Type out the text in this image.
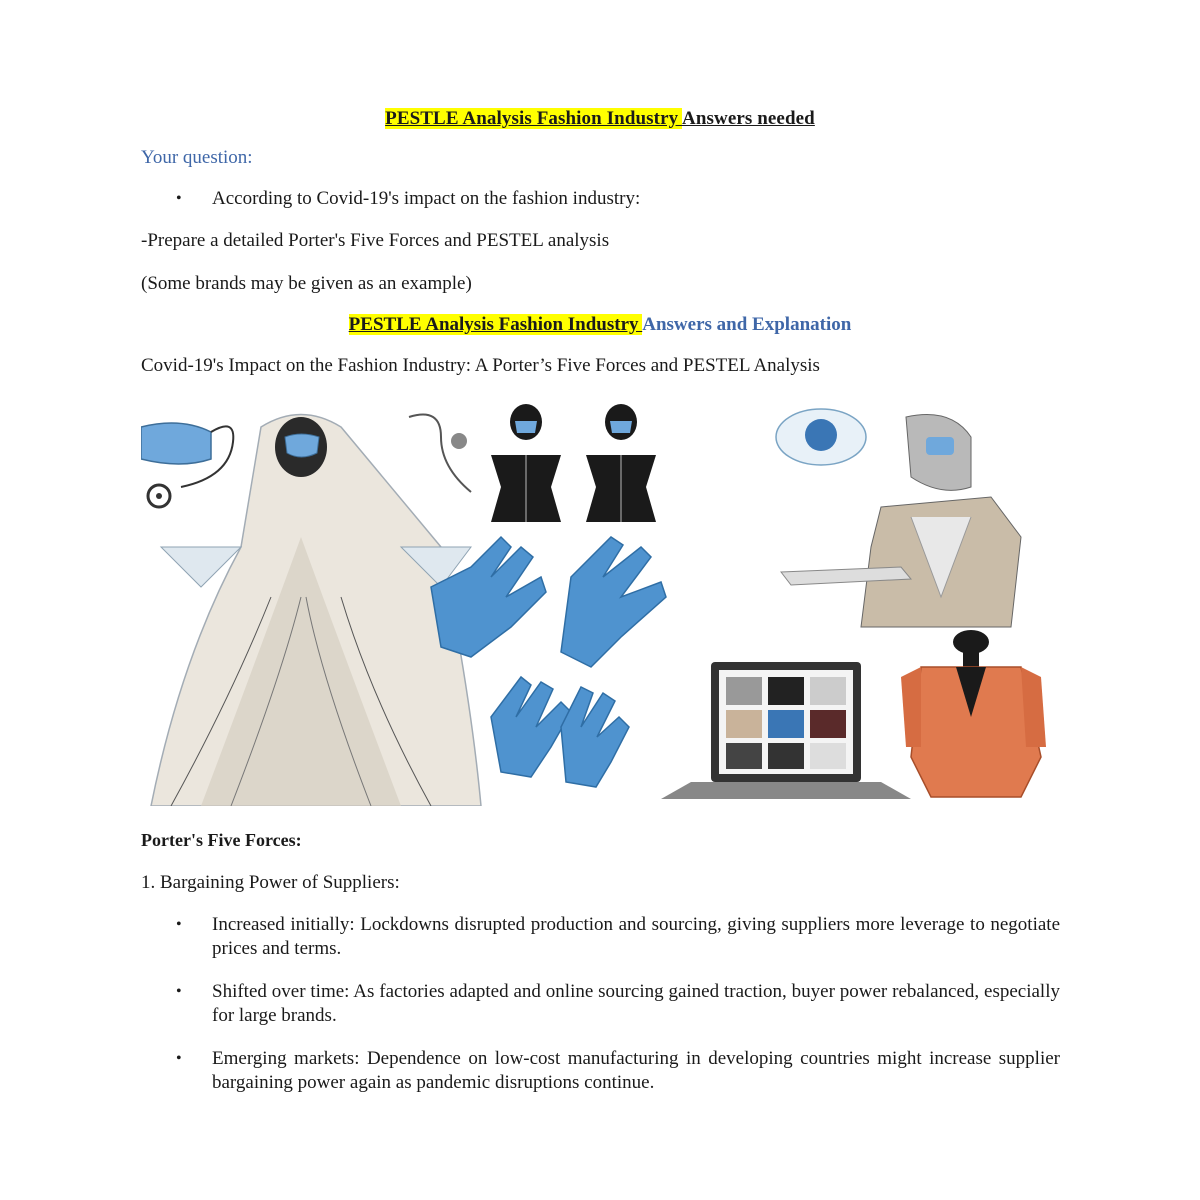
PESTLE Analysis Fashion Industry Answers needed
Your question:
•	According to Covid-19's impact on the fashion industry:
-Prepare a detailed Porter's Five Forces and PESTEL analysis
(Some brands may be given as an example)
PESTLE Analysis Fashion Industry Answers and Explanation
Covid-19's Impact on the Fashion Industry: A Porter’s Five Forces and PESTEL Analysis
Porter's Five Forces:
1. Bargaining Power of Suppliers:
•	Increased initially: Lockdowns disrupted production and sourcing, giving suppliers more leverage to negotiate prices and terms.
•	Shifted over time: As factories adapted and online sourcing gained traction, buyer power rebalanced, especially for large brands.
•	Emerging markets: Dependence on low-cost manufacturing in developing countries might increase supplier bargaining power again as pandemic disruptions continue.
